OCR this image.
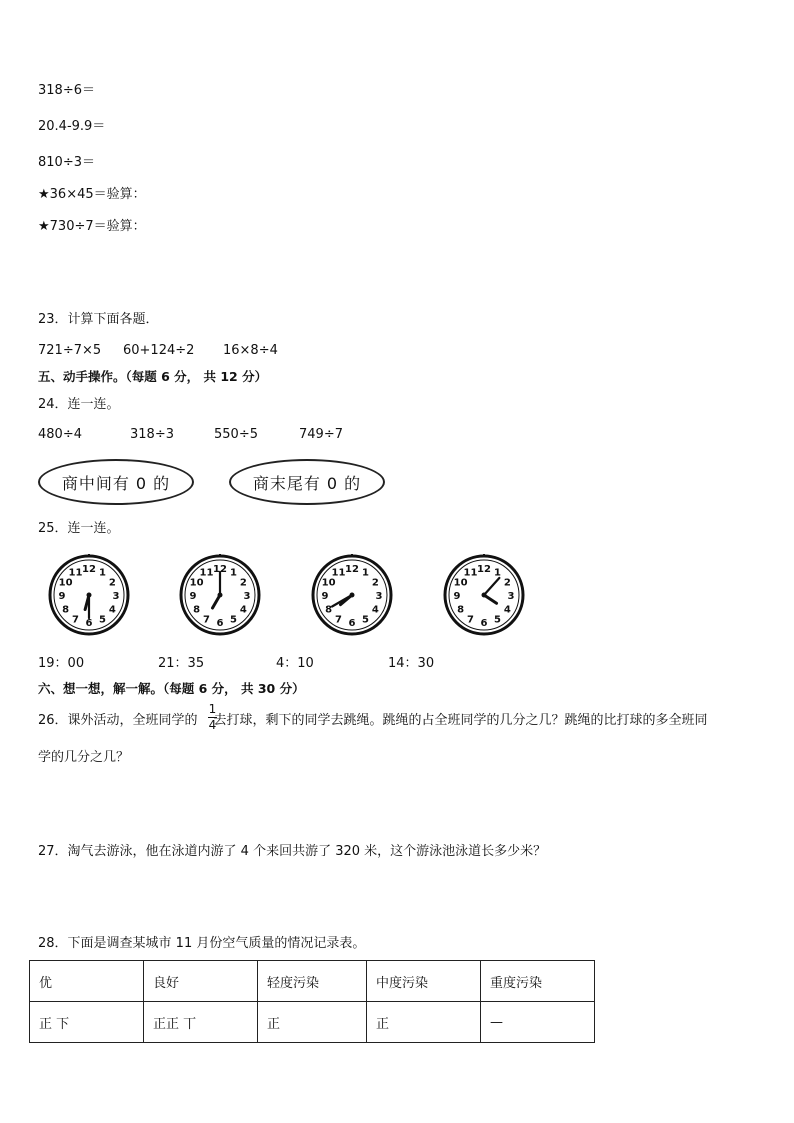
318÷6＝
20.4-9.9＝
810÷3＝
★36×45＝验算：
★730÷7＝验算：
23．计算下面各题．
721÷7×5 60+124÷2 16×8÷4
五、动手操作。（每题 6 分， 共 12 分）
24．连一连。
480÷4	318÷3	550÷5	749÷7
商中间有 0 的	商末尾有 0 的
25．连一连。
1
2
3
4
5
6
7
8
9
10
11 12	1
2
3
4
5
6
7
8
9
10
11 12	1
2
3
4
5
6
7
8
9
10
11 12	1
2
3
4
5
6
7
8
9
10
11 12
19：00	21：35	4：10	14：30
六、想一想，解一解。（每题 6 分， 共 30 分）
26．课外活动，全班同学的 去打球，剩下的同学去跳绳。跳绳的占全班同学的几分之几？跳绳的比打球的多全班同
1
4
学的几分之几？
27．淘气去游泳，他在泳道内游了 4 个来回共游了 320 米，这个游泳池泳道长多少米？
28．下面是调查某城市 11 月份空气质量的情况记录表。
优	良好	轻度污染	中度污染	重度污染
正 下	正正 丅	正	正	—
